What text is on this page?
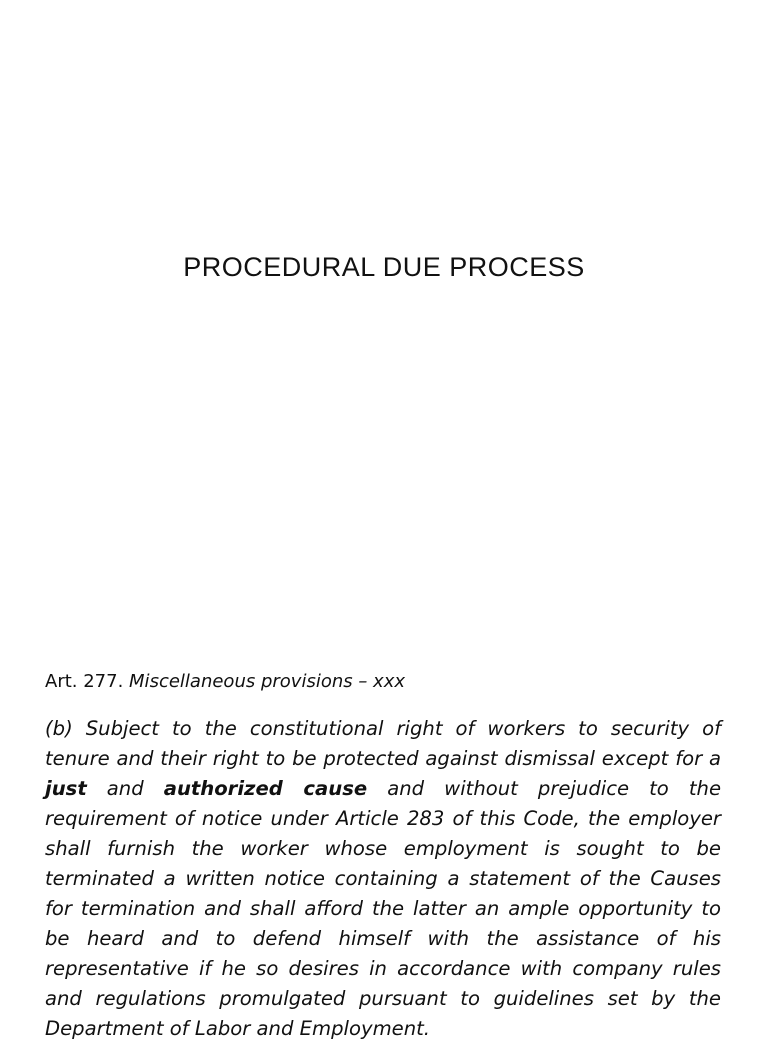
PROCEDURAL DUE PROCESS

Art. 277. Miscellaneous provisions – xxx

(b) Subject to the constitutional right of workers to security of tenure and their right to be protected against dismissal except for a just and authorized cause and without prejudice to the requirement of notice under Article 283 of this Code, the employer shall furnish the worker whose employment is sought to be terminated a written notice containing a statement of the Causes for termination and shall afford the latter an ample opportunity to be heard and to defend himself with the assistance of his representative if he so desires in accordance with company rules and regulations promulgated pursuant to guidelines set by the Department of Labor and Employment.
